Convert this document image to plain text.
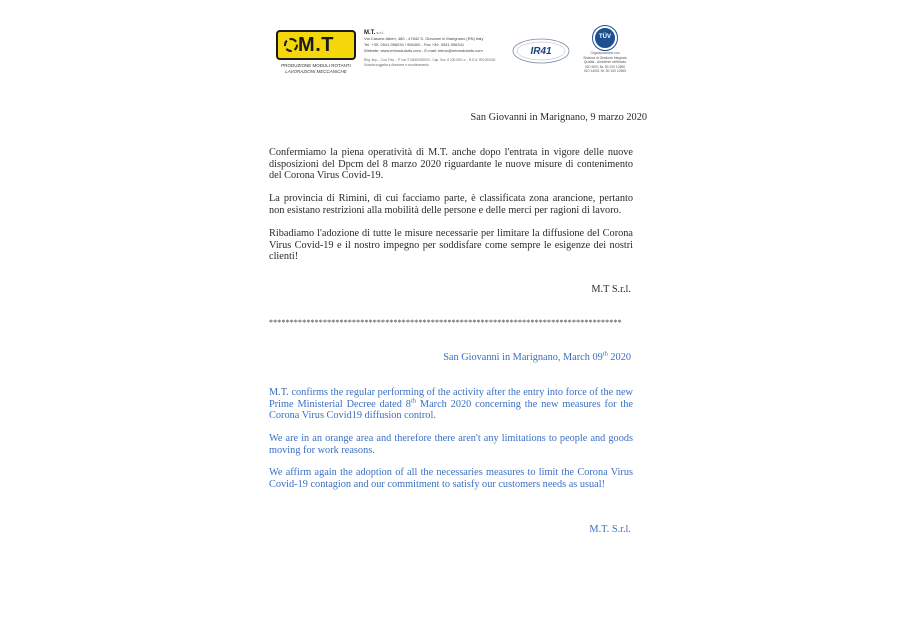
M.T
PRODUZIONE MODULI ROTANTI
LAVORAZIONI MECCANICHE
M.T. s.r.l.
Via Casone Alberi, 480 - 47842 S. Giovanni in Marignano (RN) Italy
Tel. +39. 0541.956034 / 956400 - Fax +39. 0541.956341
Website: www.mtmodularts.com - E-mail: mtmo@mtmodularts.com
Reg. Imp. - Cod. Fisc. - P. Iva IT 00000000000 - Cap. Soc. € 100.000 i.v. - R.E.A. RN 000000
Società soggetta a direzione e coordinamento
IR41
TÜV
Organizzazione con
Sistema di Gestione Integrato
Qualità - Ambiente certificato
ISO 9001 Nr. 50 100 12690
ISO 14001 Nr. 50 100 12565
San Giovanni in Marignano, 9 marzo 2020

Confermiamo la piena operatività di M.T. anche dopo l'entrata in vigore delle nuove disposizioni del Dpcm del 8 marzo 2020 riguardante le nuove misure di contenimento del Corona Virus Covid-19.

La provincia di Rimini, di cui facciamo parte, è classificata zona arancione, pertanto non esistano restrizioni alla mobilità delle persone e delle merci per ragioni di lavoro.

Ribadiamo l'adozione di tutte le misure necessarie per limitare la diffusione del Corona Virus Covid-19 e il nostro impegno per soddisfare come sempre le esigenze dei nostri clienti!

M.T S.r.l.
*************************************************************************************
San Giovanni in Marignano, March 09th 2020

M.T. confirms the regular performing of the activity after the entry into force of the new Prime Ministerial Decree dated 8th March 2020 concerning the new measures for the Corona Virus Covid19 diffusion control.

We are in an orange area and therefore there aren't any limitations to people and goods moving for work reasons.

We affirm again the adoption of all the necessaries measures to limit the Corona Virus Covid-19 contagion and our commitment to satisfy our customers needs as usual!

M.T. S.r.l.
